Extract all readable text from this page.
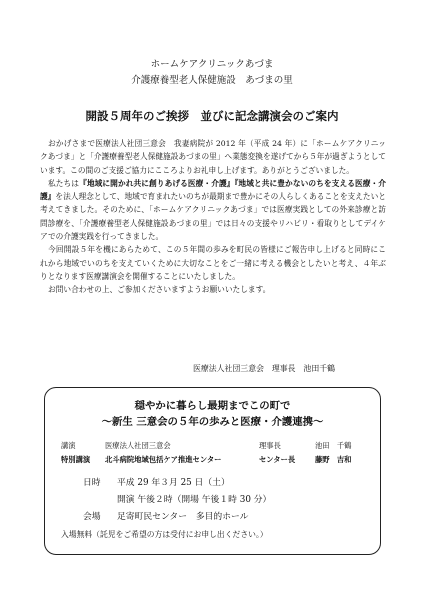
ホームケアクリニックあづま
介護療養型老人保健施設　あづまの里
開設５周年のご挨拶　並びに記念講演会のご案内

おかげさまで医療法人社団三意会　我妻病院が 2012 年（平成 24 年）に「ホームケアクリニックあづま」と「介護療養型老人保健施設あづまの里」へ業態変換を遂げてから５年が過ぎようとしています。この間のご支援ご協力にこころよりお礼申し上げます。ありがとうございました。

私たちは『地域に開かれ共に創りあげる医療・介護』『地域と共に豊かないのちを支える医療・介護』を法人理念として、地域で育まれたいのちが最期まで豊かにその人らしくあることを支えたいと考えてきました。そのために、「ホームケアクリニックあづま」では医療実践としての外来診療と訪問診療を、「介護療養型老人保健施設あづまの里」では日々の支援やリハビリ・看取りとしてデイケアでの介護実践を行ってきました。

今回開設５年を機にあらためて、この５年間の歩みを町民の皆様にご報告申し上げると同時にこれから地域でいのちを支えていくために大切なことをご一緒に考える機会としたいと考え、４年ぶりとなります医療講演会を開催することにいたしました。

お問い合わせの上、ご参加くださいますようお願いいたします。

医療法人社団三意会　理事長　池田千鶴
穏やかに暮らし最期までこの町で
～新生 三意会の５年の歩みと医療・介護連携～
講演	医療法人社団三意会	理事長	池田　千鶴
特別講演 北斗病院地域包括ケア推進センター	センター長	藤野　吉和
日時 平成 29 年３月 25 日（土）
開演 午後２時（開場 午後１時 30 分）
会場 足寄町民センター　多目的ホール
入場無料（託児をご希望の方は受付にお申し出ください。）
